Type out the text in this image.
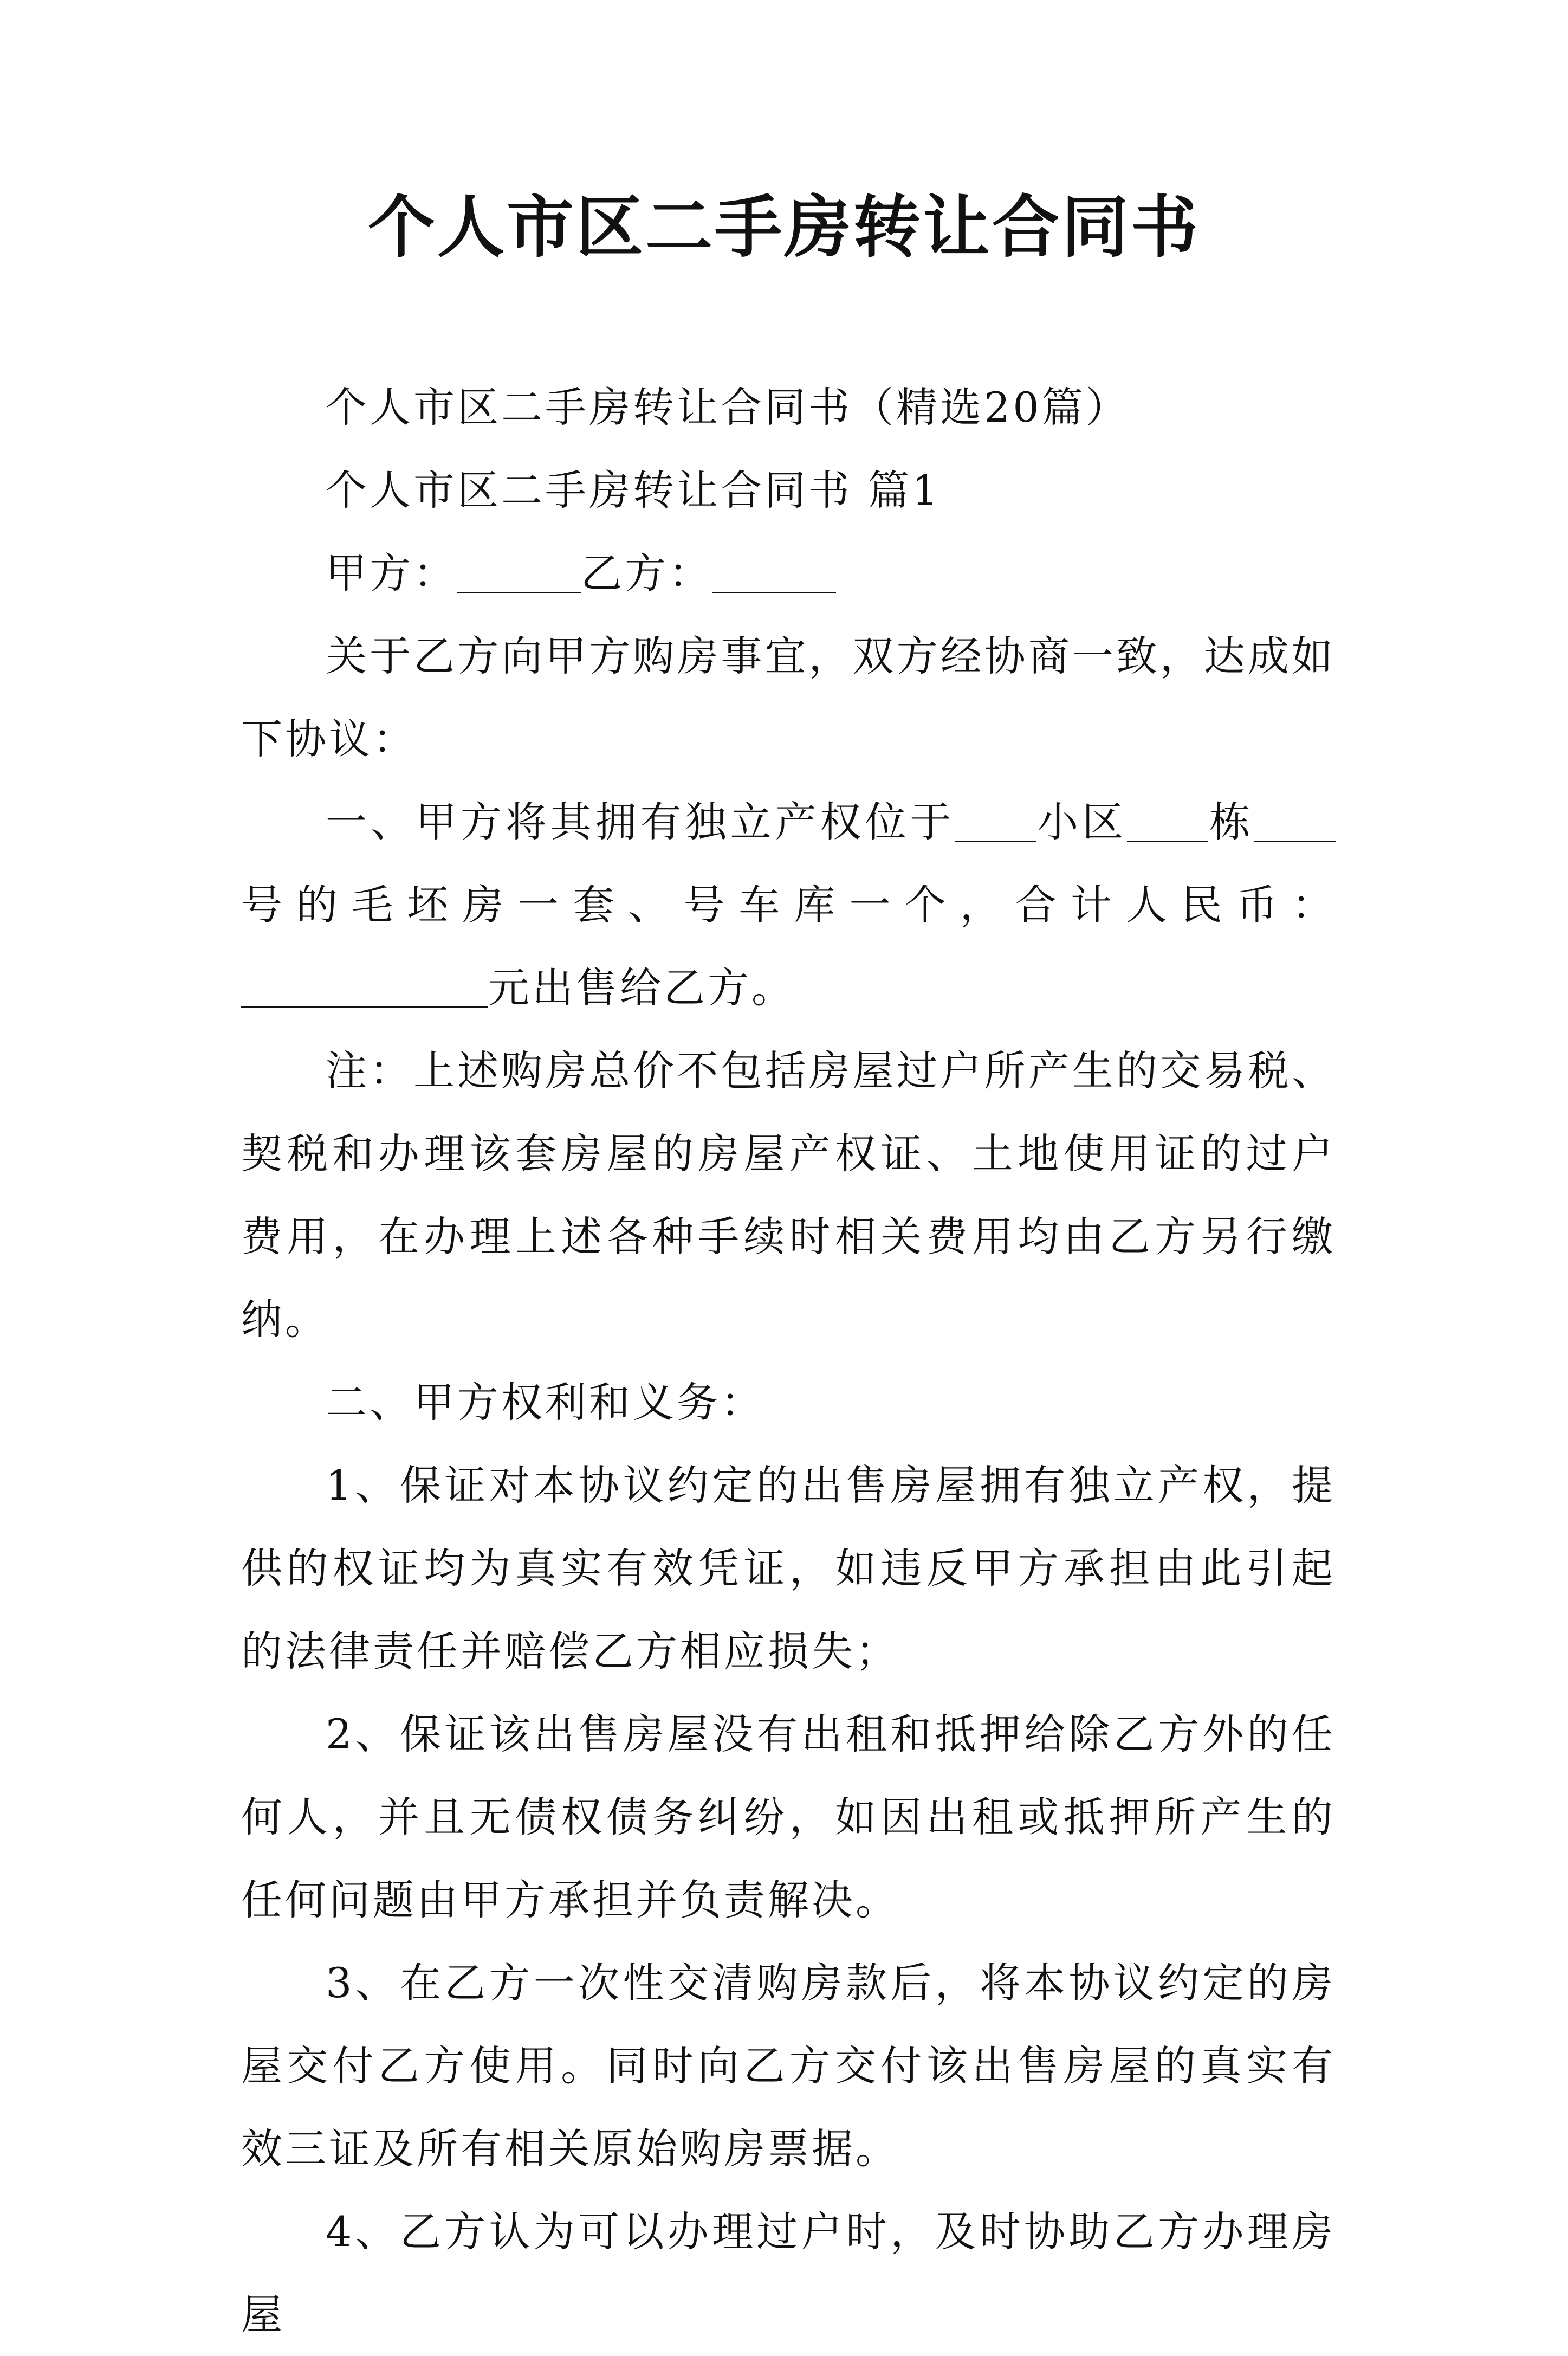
个人市区二手房转让合同书

个人市区二手房转让合同书（精选20篇）

个人市区二手房转让合同书 篇1

甲方：	乙方：

关于乙方向甲方购房事宜，双方经协商一致，达成如下协议：

一、甲方将其拥有独立产权位于 小区 栋号的毛坯房一套、号车库一个，合计人民币：元出售给乙方。

注：上述购房总价不包括房屋过户所产生的交易税、契税和办理该套房屋的房屋产权证、土地使用证的过户费用，在办理上述各种手续时相关费用均由乙方另行缴纳。

二、甲方权利和义务：

1、保证对本协议约定的出售房屋拥有独立产权，提供的权证均为真实有效凭证，如违反甲方承担由此引起的法律责任并赔偿乙方相应损失；

2、保证该出售房屋没有出租和抵押给除乙方外的任何人，并且无债权债务纠纷，如因出租或抵押所产生的任何问题由甲方承担并负责解决。

3、在乙方一次性交清购房款后，将本协议约定的房屋交付乙方使用。同时向乙方交付该出售房屋的真实有效三证及所有相关原始购房票据。

4、乙方认为可以办理过户时，及时协助乙方办理房屋
